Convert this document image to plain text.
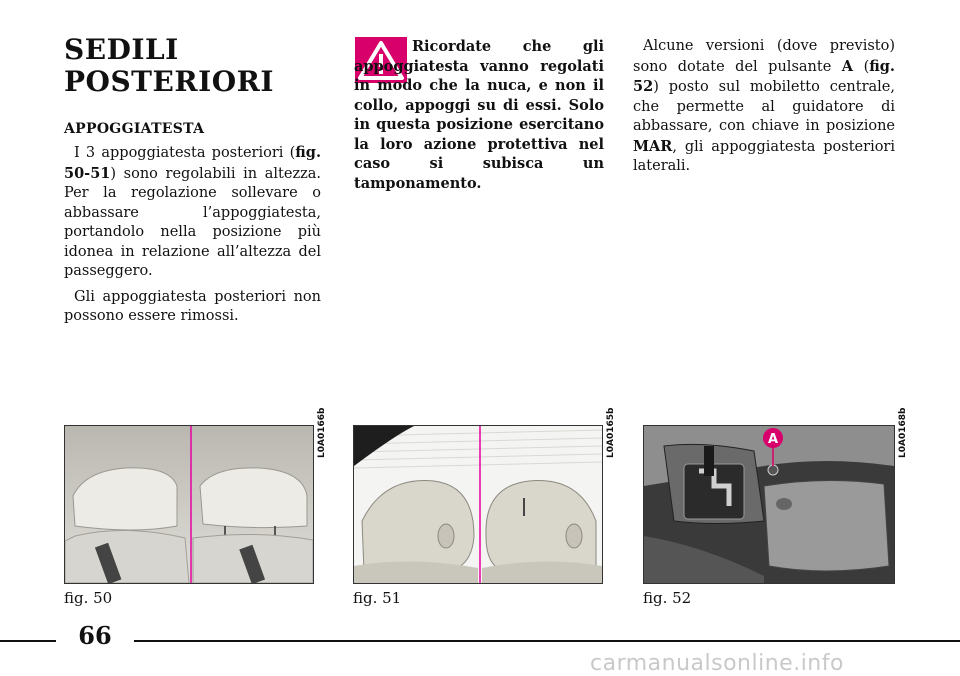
SEDILI
POSTERIORI
APPOGGIATESTA

I 3 appoggiatesta posteriori (fig. 50-51) sono regolabili in altezza. Per la regolazione sollevare o abbassare l’appoggiatesta, portandolo nella posizione più idonea in relazione all’altezza del passeggero.

Gli appoggiatesta posteriori non possono essere rimossi.

Ricordate che gli appoggiatesta vanno regolati in modo che la nuca, e non il collo, appoggi su di essi. Solo in questa posizione esercitano la loro azione protettiva nel caso si subisca un tamponamento.

Alcune versioni (dove previsto) sono dotate del pulsante A (fig. 52) posto sul mobiletto centrale, che permette al guidatore di abbassare, con chiave in posizione MAR, gli appoggiatesta posteriori laterali.

L0A0166b
fig. 50
L0A0165b
fig. 51
A	L0A0168b
fig. 52
66
carmanualsonline.info
